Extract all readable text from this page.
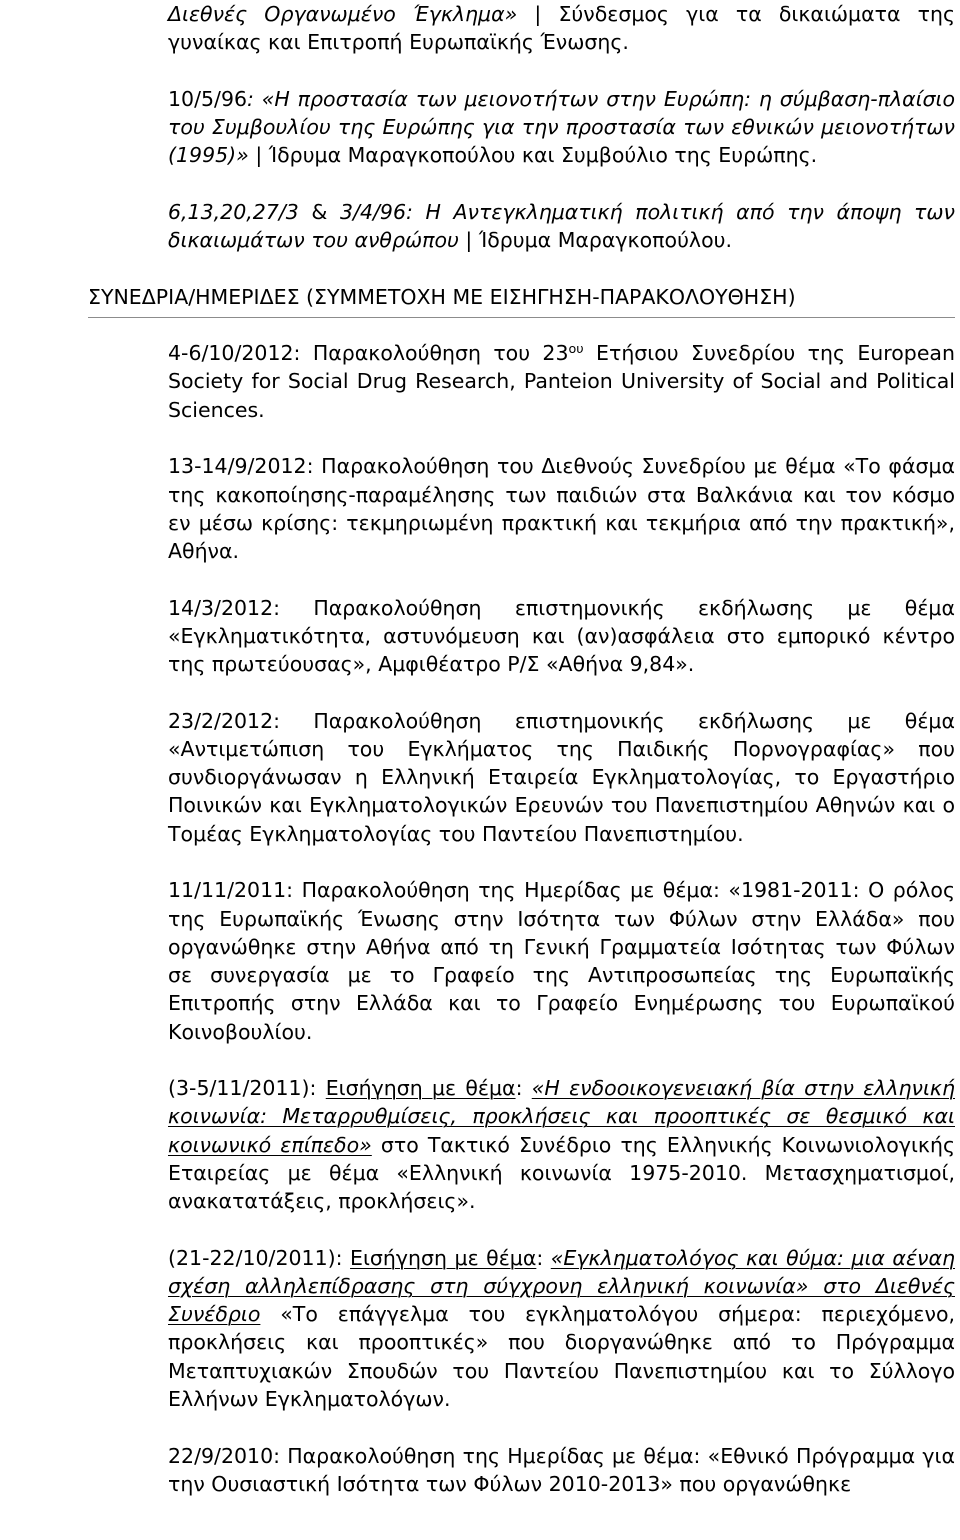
Διεθνές Οργανωμένο Έγκλημα» | Σύνδεσμος για τα δικαιώματα της γυναίκας και Επιτροπή Ευρωπαϊκής Ένωσης.

10/5/96: «Η προστασία των μειονοτήτων στην Ευρώπη: η σύμβαση-πλαίσιο του Συμβουλίου της Ευρώπης για την προστασία των εθνικών μειονοτήτων (1995)» | Ίδρυμα Μαραγκοπούλου και Συμβούλιο της Ευρώπης.

6,13,20,27/3 & 3/4/96: Η Αντεγκληματική πολιτική από την άποψη των δικαιωμάτων του ανθρώπου | Ίδρυμα Μαραγκοπούλου.

ΣΥΝΕΔΡΙΑ/ΗΜΕΡΙΔΕΣ (ΣΥΜΜΕΤΟΧΗ ΜΕ ΕΙΣΗΓΗΣΗ-ΠΑΡΑΚΟΛΟΥΘΗΣΗ)

4-6/10/2012: Παρακολούθηση του $23^{o\upsilon}$ Ετήσιου Συνεδρίου της European Society for Social Drug Research, Panteion University of Social and Political Sciences.

13-14/9/2012: Παρακολούθηση του Διεθνούς Συνεδρίου με θέμα «Το φάσμα της κακοποίησης-παραμέλησης των παιδιών στα Βαλκάνια και τον κόσμο εν μέσω κρίσης: τεκμηριωμένη πρακτική και τεκμήρια από την πρακτική», Αθήνα.

14/3/2012: Παρακολούθηση επιστημονικής εκδήλωσης με θέμα «Εγκληματικότητα, αστυνόμευση και (αν)ασφάλεια στο εμπορικό κέντρο της πρωτεύουσας», Αμφιθέατρο Ρ/Σ «Αθήνα 9,84».

23/2/2012: Παρακολούθηση επιστημονικής εκδήλωσης με θέμα «Αντιμετώπιση του Εγκλήματος της Παιδικής Πορνογραφίας» που συνδιοργάνωσαν η Ελληνική Εταιρεία Εγκληματολογίας, το Εργαστήριο Ποινικών και Εγκληματολογικών Ερευνών του Πανεπιστημίου Αθηνών και ο Τομέας Εγκληματολογίας του Παντείου Πανεπιστημίου.

11/11/2011: Παρακολούθηση της Ημερίδας με θέμα: «1981-2011: Ο ρόλος της Ευρωπαϊκής Ένωσης στην Ισότητα των Φύλων στην Ελλάδα» που οργανώθηκε στην Αθήνα από τη Γενική Γραμματεία Ισότητας των Φύλων σε συνεργασία με το Γραφείο της Αντιπροσωπείας της Ευρωπαϊκής Επιτροπής στην Ελλάδα και το Γραφείο Ενημέρωσης του Ευρωπαϊκού Κοινοβουλίου.

(3-5/11/2011): Εισήγηση με θέμα: «Η ενδοοικογενειακή βία στην ελληνική κοινωνία: Μεταρρυθμίσεις, προκλήσεις και προοπτικές σε θεσμικό και κοινωνικό επίπεδο» στο Τακτικό Συνέδριο της Ελληνικής Κοινωνιολογικής Εταιρείας με θέμα «Ελληνική κοινωνία 1975-2010. Μετασχηματισμοί, ανακατατάξεις, προκλήσεις».

(21-22/10/2011): Εισήγηση με θέμα: «Εγκληματολόγος και θύμα: μια αέναη σχέση αλληλεπίδρασης στη σύγχρονη ελληνική κοινωνία» στο Διεθνές Συνέδριο «Το επάγγελμα του εγκληματολόγου σήμερα: περιεχόμενο, προκλήσεις και προοπτικές» που διοργανώθηκε από το Πρόγραμμα Μεταπτυχιακών Σπουδών του Παντείου Πανεπιστημίου και το Σύλλογο Ελλήνων Εγκληματολόγων.

22/9/2010: Παρακολούθηση της Ημερίδας με θέμα: «Εθνικό Πρόγραμμα για την Ουσιαστική Ισότητα των Φύλων 2010-2013» που οργανώθηκε
